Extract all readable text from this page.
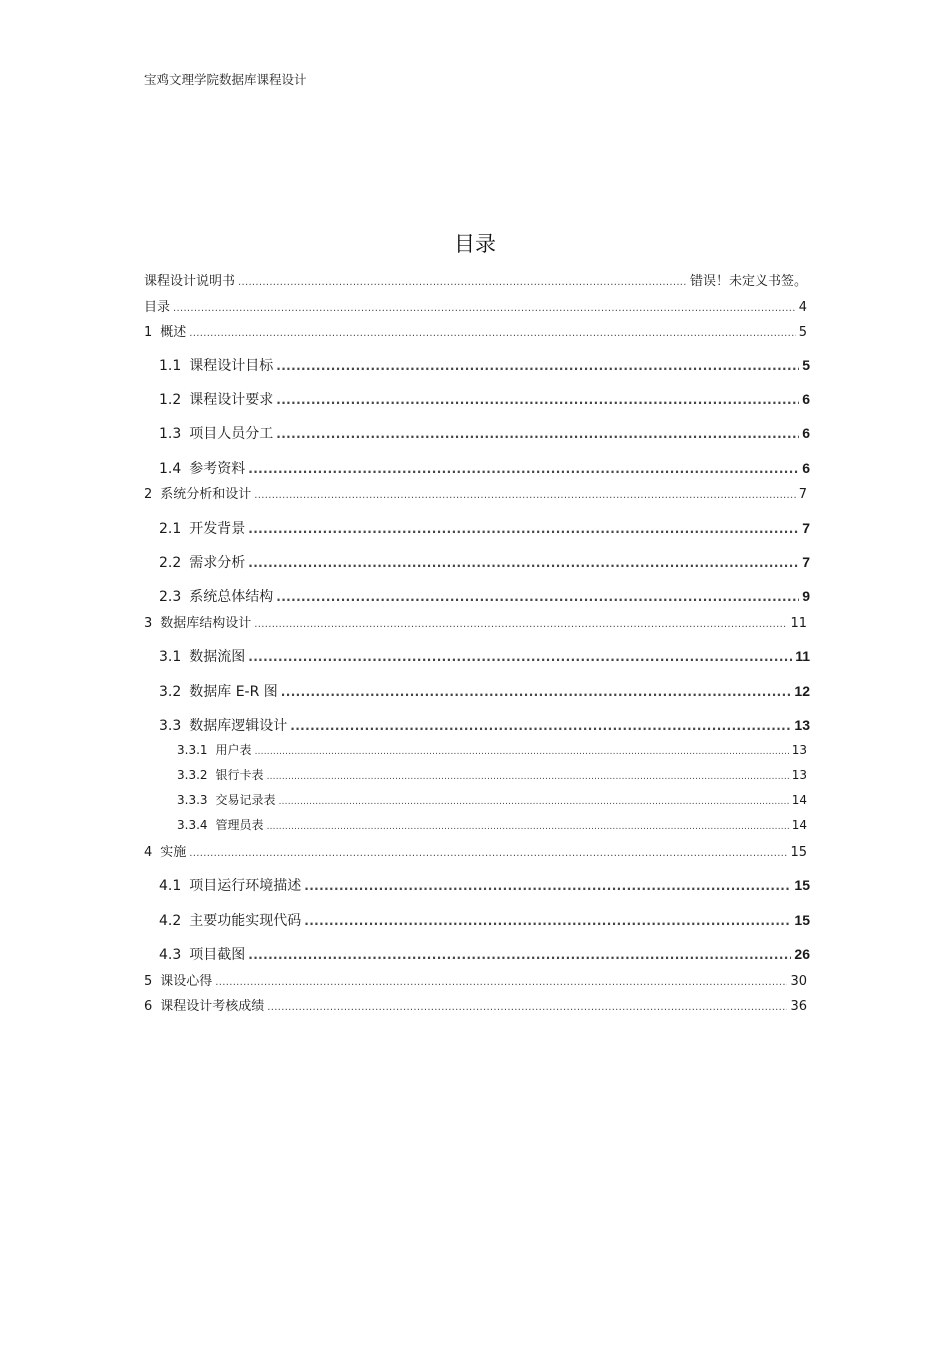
宝鸡文理学院数据库课程设计
目录
课程设计说明书 .....	错误！未定义书签。
目录 .....	4
1 概述 .....	5
1.1 课程设计目标 .....	5
1.2 课程设计要求 .....	6
1.3 项目人员分工 .....	6
1.4 参考资料 .....	6
2 系统分析和设计 .....	7
2.1 开发背景 .....	7
2.2 需求分析 .....	7
2.3 系统总体结构 .....	9
3 数据库结构设计 .....	11
3.1 数据流图 .....	11
3.2 数据库 E-R 图 .....	12
3.3 数据库逻辑设计 .....	13
3.3.1 用户表 .....	13
3.3.2 银行卡表 .....	13
3.3.3 交易记录表 .....	14
3.3.4 管理员表 .....	14
4 实施 .....	15
4.1 项目运行环境描述 .....	15
4.2 主要功能实现代码 .....	15
4.3 项目截图 .....	26
5 课设心得 .....	30
6 课程设计考核成绩 .....	36
